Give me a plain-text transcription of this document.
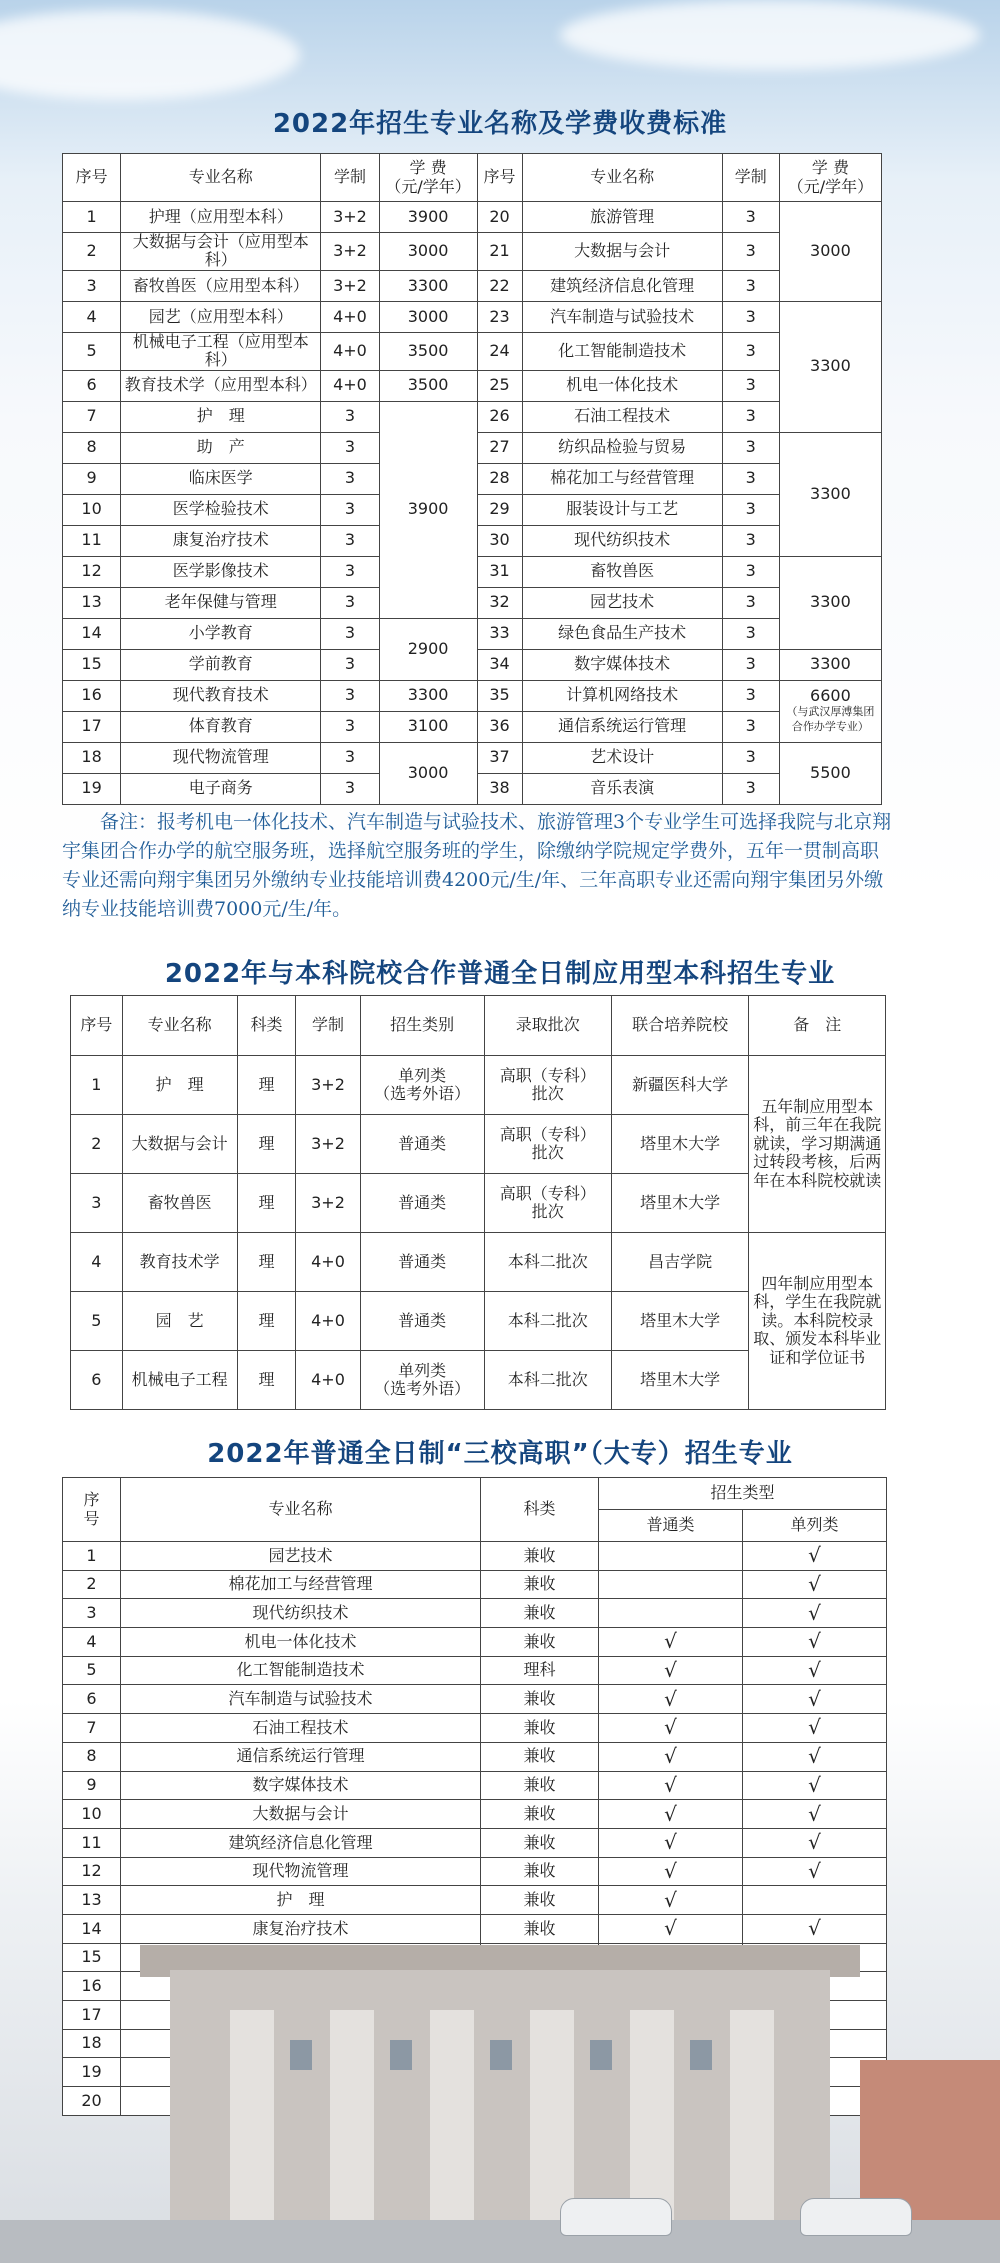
2022年招生专业名称及学费收费标准
序号	专业名称	学制	学 费
（元/学年）	序号	专业名称	学制	学 费
（元/学年）
1	护理（应用型本科）	3+2	3900	20	旅游管理	3	3000
2	大数据与会计（应用型本科）	3+2	3000	21	大数据与会计	3	
3	畜牧兽医（应用型本科）	3+2	3300	22	建筑经济信息化管理	3	
4	园艺（应用型本科）	4+0	3000	23	汽车制造与试验技术	3	3300
5	机械电子工程（应用型本科）	4+0	3500	24	化工智能制造技术	3	
6	教育技术学（应用型本科）	4+0	3500	25	机电一体化技术	3	
7	护　理	3	3900	26	石油工程技术	3	
8	助　产	3		27	纺织品检验与贸易	3	3300
9	临床医学	3		28	棉花加工与经营管理	3	
10	医学检验技术	3		29	服装设计与工艺	3	
11	康复治疗技术	3		30	现代纺织技术	3	
12	医学影像技术	3		31	畜牧兽医	3	3300
13	老年保健与管理	3		32	园艺技术	3	
14	小学教育	3	2900	33	绿色食品生产技术	3	
15	学前教育	3		34	数字媒体技术	3	3300
16	现代教育技术	3	3300	35	计算机网络技术	3	6600
（与武汉厚溥集团合作办学专业）

17	体育教育	3	3100	36	通信系统运行管理	3	
18	现代物流管理	3	3000	37	艺术设计	3	5500
19	电子商务	3		38	音乐表演	3	

备注：报考机电一体化技术、汽车制造与试验技术、旅游管理3个专业学生可选择我院与北京翔宇集团合作办学的航空服务班，选择航空服务班的学生，除缴纳学院规定学费外，五年一贯制高职专业还需向翔宇集团另外缴纳专业技能培训费4200元/生/年、三年高职专业还需向翔宇集团另外缴纳专业技能培训费7000元/生/年。

2022年与本科院校合作普通全日制应用型本科招生专业
序号	专业名称	科类	学制	招生类别	录取批次	联合培养院校	备　注
1	护　理	理	3+2	单列类
（选考外语）	高职（专科）
批次	新疆医科大学	五年制应用型本科，前三年在我院就读，学习期满通过转段考核，后两年在本科院校就读
2	大数据与会计	理	3+2	普通类	高职（专科）
批次	塔里木大学	
3	畜牧兽医	理	3+2	普通类	高职（专科）
批次	塔里木大学	
4	教育技术学	理	4+0	普通类	本科二批次	昌吉学院	四年制应用型本科，学生在我院就读。本科院校录取、颁发本科毕业证和学位证书
5	园　艺	理	4+0	普通类	本科二批次	塔里木大学	
6	机械电子工程	理	4+0	单列类
（选考外语）	本科二批次	塔里木大学	
2022年普通全日制“三校高职”（大专）招生专业
序
号	专业名称	科类	招生类型	
			普通类	单列类
1	园艺技术	兼收		√
2	棉花加工与经营管理	兼收		√
3	现代纺织技术	兼收		√
4	机电一体化技术	兼收	√	√
5	化工智能制造技术	理科	√	√
6	汽车制造与试验技术	兼收	√	√
7	石油工程技术	兼收	√	√
8	通信系统运行管理	兼收	√	√
9	数字媒体技术	兼收	√	√
10	大数据与会计	兼收	√	√
11	建筑经济信息化管理	兼收	√	√
12	现代物流管理	兼收	√	√
13	护　理	兼收	√	
14	康复治疗技术	兼收	√	√
15				
16				
17				
18				
19				
20				
